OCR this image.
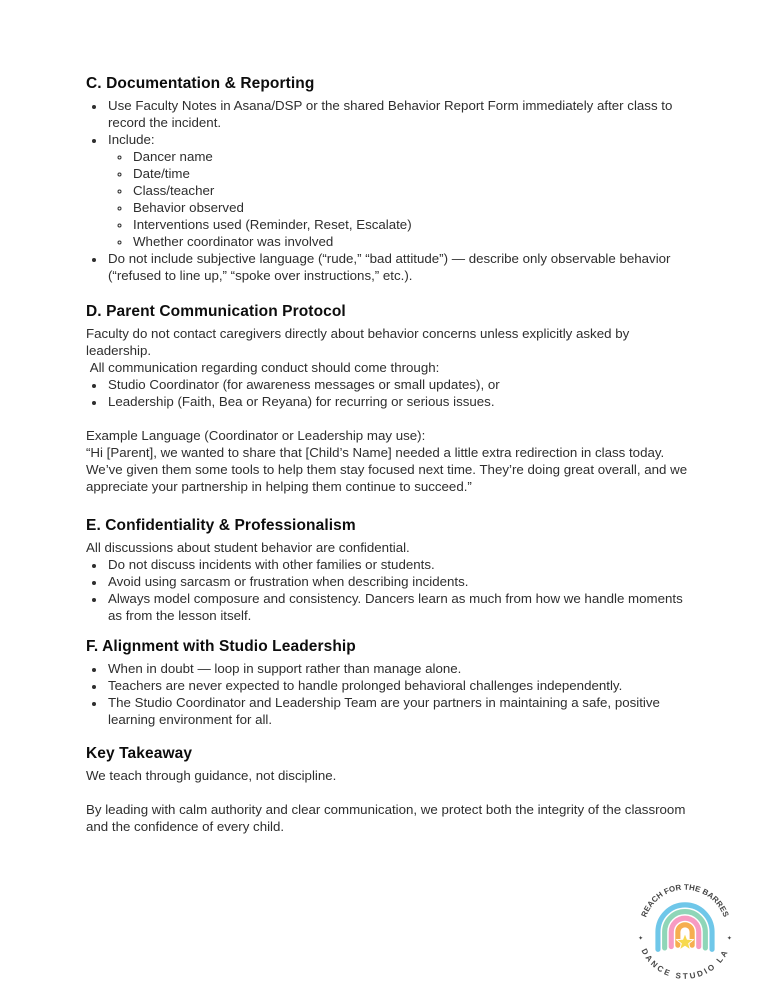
C. Documentation & Reporting
• Use Faculty Notes in Asana/DSP or the shared Behavior Report Form immediately after class to record the incident.
• Include:
◦ Dancer name
◦ Date/time
◦ Class/teacher
◦ Behavior observed
◦ Interventions used (Reminder, Reset, Escalate)
◦ Whether coordinator was involved
• Do not include subjective language (“rude,” “bad attitude”) — describe only observable behavior (“refused to line up,” “spoke over instructions,” etc.).
D. Parent Communication Protocol

Faculty do not contact caregivers directly about behavior concerns unless explicitly asked by leadership.

All communication regarding conduct should come through:

• Studio Coordinator (for awareness messages or small updates), or
• Leadership (Faith, Bea or Reyana) for recurring or serious issues.

Example Language (Coordinator or Leadership may use):

“Hi [Parent], we wanted to share that [Child’s Name] needed a little extra redirection in class today. We’ve given them some tools to help them stay focused next time. They’re doing great overall, and we appreciate your partnership in helping them continue to succeed.”

E. Confidentiality & Professionalism

All discussions about student behavior are confidential.

• Do not discuss incidents with other families or students.
• Avoid using sarcasm or frustration when describing incidents.
• Always model composure and consistency. Dancers learn as much from how we handle moments as from the lesson itself.
F. Alignment with Studio Leadership
• When in doubt — loop in support rather than manage alone.
• Teachers are never expected to handle prolonged behavioral challenges independently.
• The Studio Coordinator and Leadership Team are your partners in maintaining a safe, positive learning environment for all.
Key Takeaway

We teach through guidance, not discipline.

By leading with calm authority and clear communication, we protect both the integrity of the classroom and the confidence of every child.

REACH FOR THE BARRES
DANCE STUDIO LA
✦	✦
